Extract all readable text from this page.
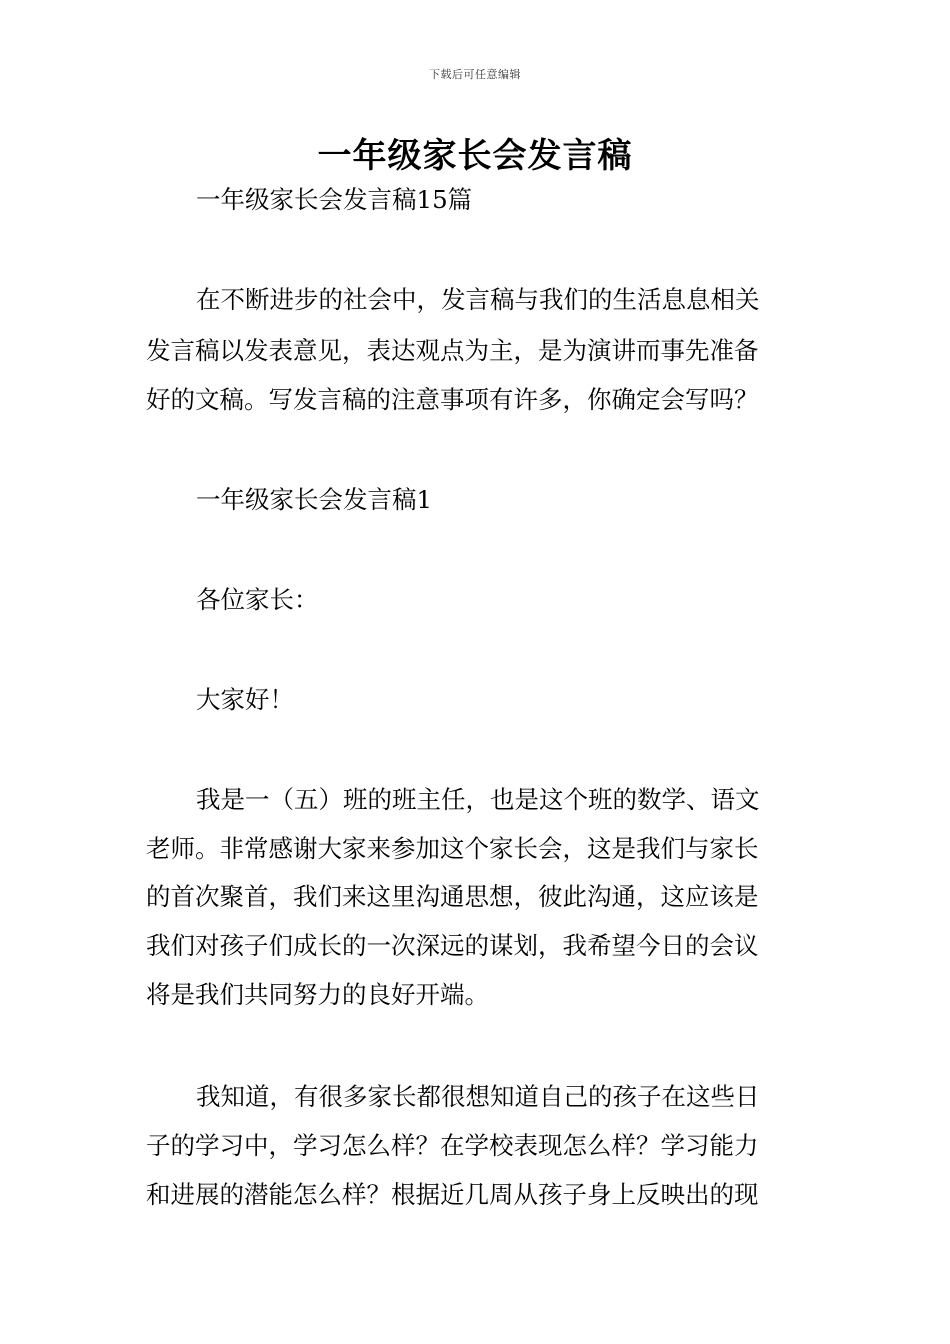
下载后可任意编辑
一年级家长会发言稿
一年级家长会发言稿15篇
在不断进步的社会中，发言稿与我们的生活息息相关
发言稿以发表意见，表达观点为主，是为演讲而事先准备
好的文稿。写发言稿的注意事项有许多，你确定会写吗？
一年级家长会发言稿1
各位家长：
大家好！
我是一（五）班的班主任，也是这个班的数学、语文
老师。非常感谢大家来参加这个家长会，这是我们与家长
的首次聚首，我们来这里沟通思想，彼此沟通，这应该是
我们对孩子们成长的一次深远的谋划，我希望今日的会议
将是我们共同努力的良好开端。
我知道，有很多家长都很想知道自己的孩子在这些日
子的学习中，学习怎么样？在学校表现怎么样？学习能力
和进展的潜能怎么样？根据近几周从孩子身上反映出的现
